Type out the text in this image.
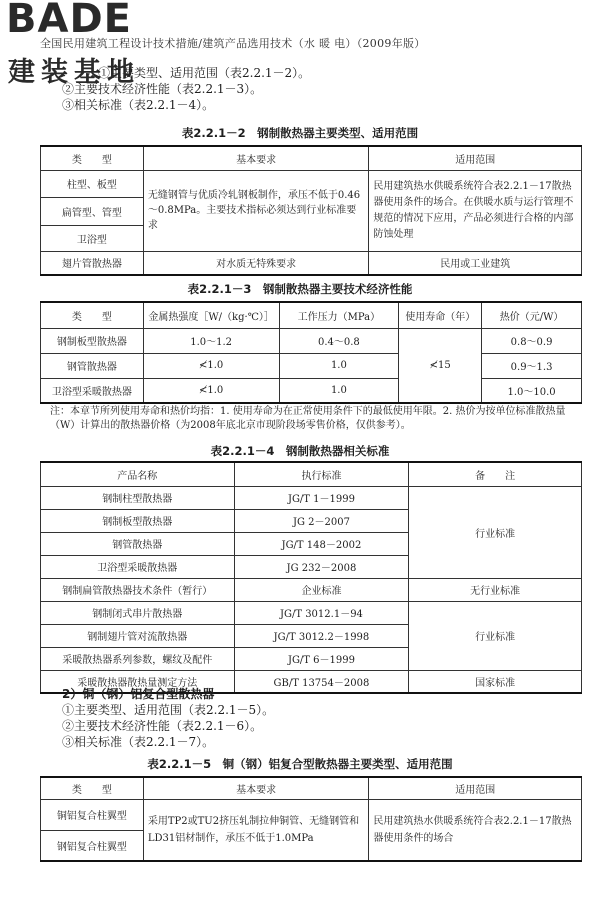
BADE
全国民用建筑工程设计技术措施/建筑产品选用技术（水 暖 电）（2009年版）
建装基地
①主要类型、适用范围（表2.2.1－2）。
②主要技术经济性能（表2.2.1－3）。
③相关标准（表2.2.1－4）。
表2.2.1－2　钢制散热器主要类型、适用范围
类　　型	基本要求	适用范围
柱型、板型	无缝钢管与优质冷轧钢板制作，承压不低于0.46～0.8MPa。主要技术指标必须达到行业标准要求	民用建筑热水供暖系统符合表2.2.1－17散热器使用条件的场合。在供暖水质与运行管理不规范的情况下应用，产品必须进行合格的内部防蚀处理
扁管型、管型		
卫浴型		
翅片管散热器	对水质无特殊要求	民用或工业建筑
表2.2.1－3　钢制散热器主要技术经济性能
类　　型	金属热强度［W/（kg·℃）］	工作压力（MPa）	使用寿命（年）	热价（元/W）
钢制板型散热器	1.0～1.2	0.4～0.8	≮15	0.8～0.9
钢管散热器	≮1.0	1.0		0.9～1.3
卫浴型采暖散热器	≮1.0	1.0		1.0～10.0
注：本章节所列使用寿命和热价均指：1. 使用寿命为在正常使用条件下的最低使用年限。2. 热价为按单位标准散热量（W）计算出的散热器价格（为2008年底北京市现阶段场零售价格，仅供参考）。
表2.2.1－4　钢制散热器相关标准
产品名称	执行标准	备　　注
钢制柱型散热器	JG/T 1－1999	行业标准
钢制板型散热器	JG 2－2007	
钢管散热器	JG/T 148－2002	
卫浴型采暖散热器	JG 232－2008	
钢制扁管散热器技术条件（暂行）	企业标准	无行业标准
钢制闭式串片散热器	JG/T 3012.1－94	行业标准
钢制翅片管对流散热器	JG/T 3012.2－1998	
采暖散热器系列参数，螺纹及配件	JG/T 6－1999	
采暖散热器散热量测定方法	GB/T 13754－2008	国家标准
2）铜（钢）铝复合型散热器
①主要类型、适用范围（表2.2.1－5）。
②主要技术经济性能（表2.2.1－6）。
③相关标准（表2.2.1－7）。
表2.2.1－5　铜（钢）铝复合型散热器主要类型、适用范围
类　　型	基本要求	适用范围
铜铝复合柱翼型	采用TP2或TU2挤压轧制拉伸铜管、无缝钢管和LD31铝材制作，承压不低于1.0MPa	民用建筑热水供暖系统符合表2.2.1－17散热器使用条件的场合
钢铝复合柱翼型		
